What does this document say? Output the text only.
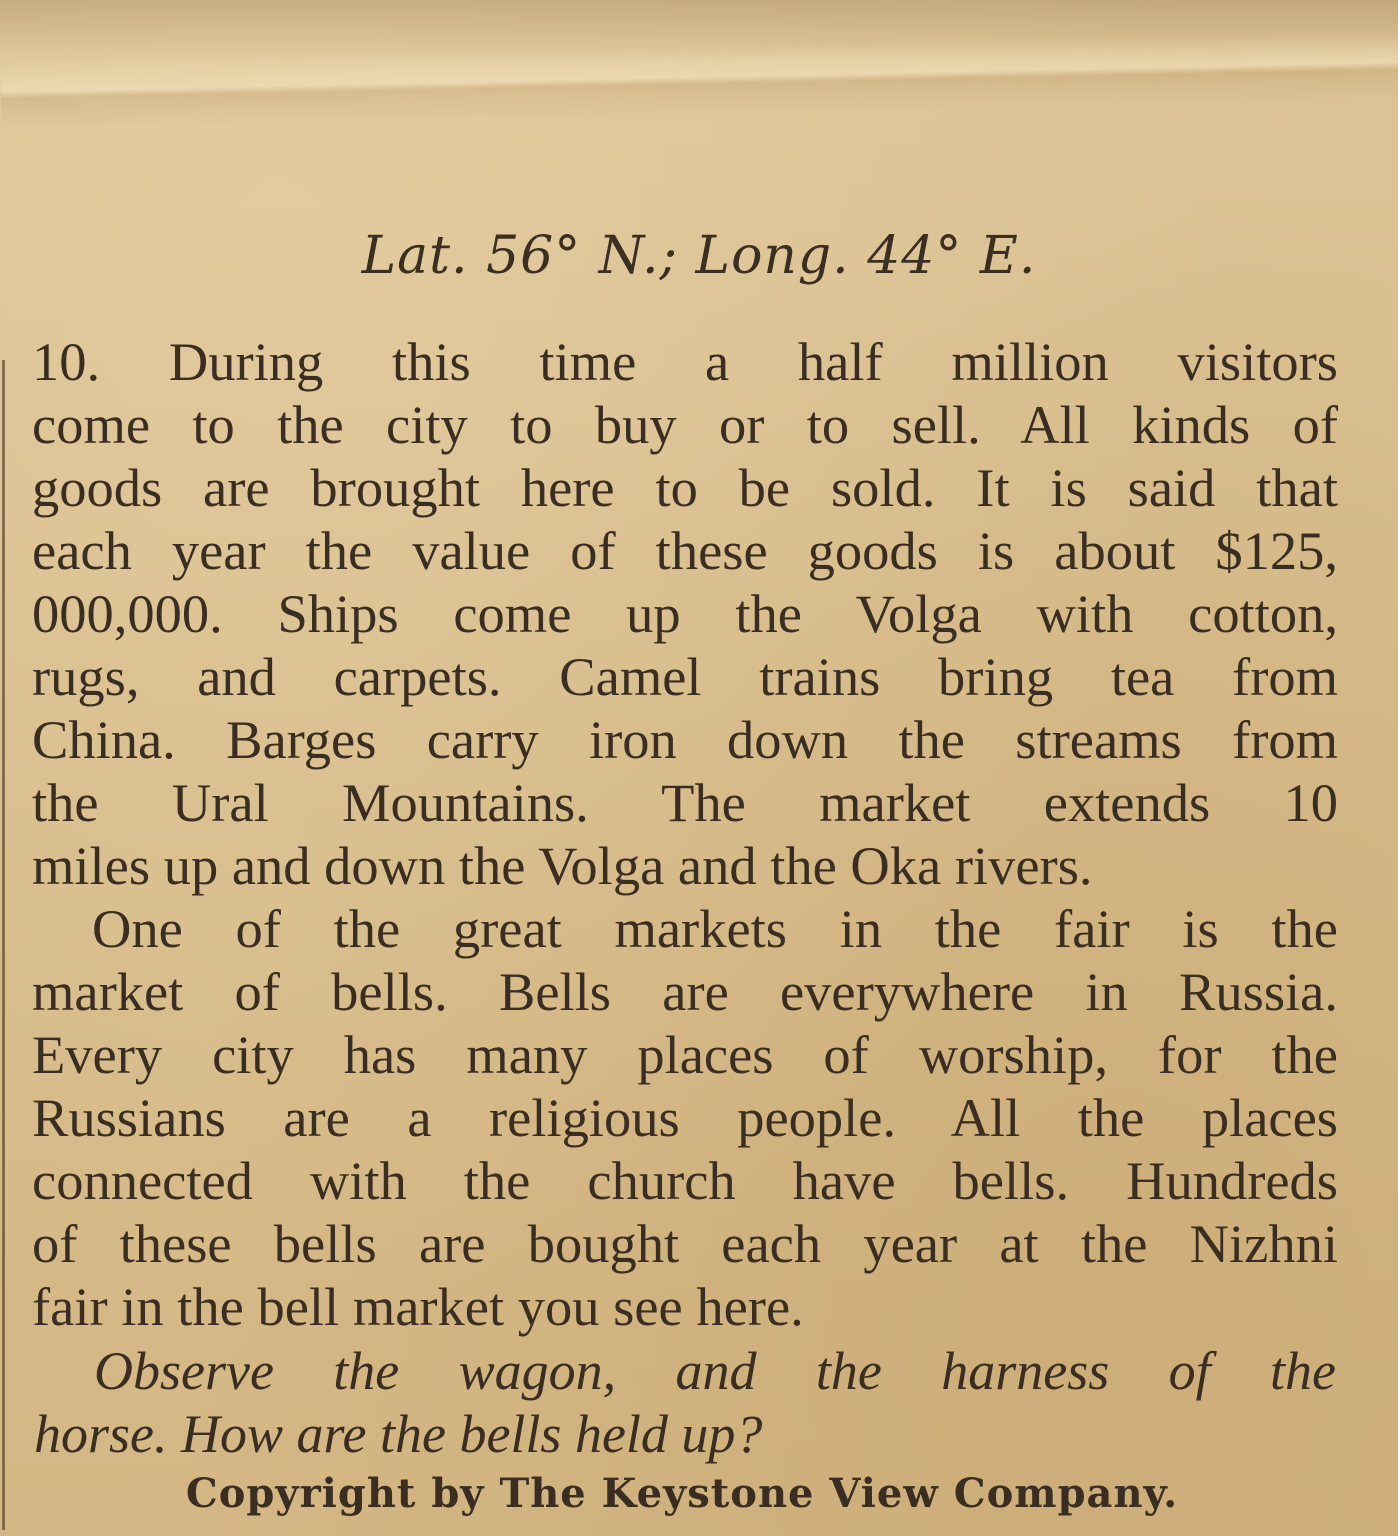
Lat. 56° N.; Long. 44° E.
10. During this time a half million visitors
come to the city to buy or to sell. All kinds of
goods are brought here to be sold. It is said that
each year the value of these goods is about $125,
000,000. Ships come up the Volga with cotton,
rugs, and carpets. Camel trains bring tea from
China. Barges carry iron down the streams from
the Ural Mountains. The market extends 10
miles up and down the Volga and the Oka rivers.
One of the great markets in the fair is the
market of bells. Bells are everywhere in Russia.
Every city has many places of worship, for the
Russians are a religious people. All the places
connected with the church have bells. Hundreds
of these bells are bought each year at the Nizhni
fair in the bell market you see here.
Observe the wagon, and the harness of the
horse. How are the bells held up?
Copyright by The Keystone View Company.
